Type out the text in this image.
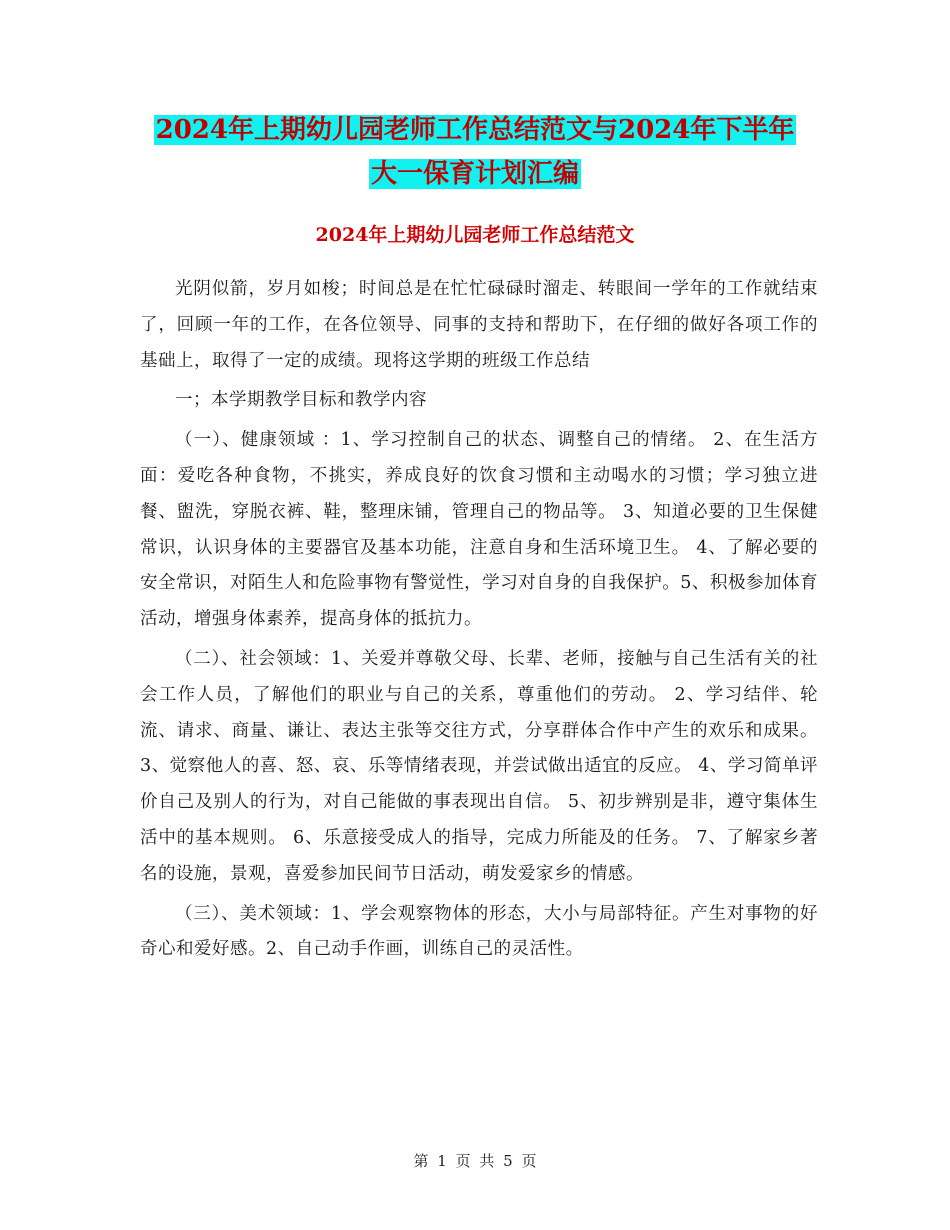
2024年上期幼儿园老师工作总结范文与2024年下半年
大一保育计划汇编
2024年上期幼儿园老师工作总结范文

光阴似箭，岁月如梭；时间总是在忙忙碌碌时溜走、转眼间一学年的工作就结束了，回顾一年的工作，在各位领导、同事的支持和帮助下，在仔细的做好各项工作的基础上，取得了一定的成绩。现将这学期的班级工作总结

一；本学期教学目标和教学内容

（一）、健康领域 ：1、学习控制自己的状态、调整自己的情绪。 2、在生活方面：爱吃各种食物，不挑实，养成良好的饮食习惯和主动喝水的习惯；学习独立进餐、盥洗，穿脱衣裤、鞋，整理床铺，管理自己的物品等。 3、知道必要的卫生保健常识，认识身体的主要器官及基本功能，注意自身和生活环境卫生。 4、了解必要的安全常识，对陌生人和危险事物有警觉性，学习对自身的自我保护。5、积极参加体育活动，增强身体素养，提高身体的抵抗力。

（二）、社会领域：1、关爱并尊敬父母、长辈、老师，接触与自己生活有关的社会工作人员，了解他们的职业与自己的关系，尊重他们的劳动。 2、学习结伴、轮流、请求、商量、谦让、表达主张等交往方式，分享群体合作中产生的欢乐和成果。 3、觉察他人的喜、怒、哀、乐等情绪表现，并尝试做出适宜的反应。 4、学习简单评价自己及别人的行为，对自己能做的事表现出自信。 5、初步辨别是非，遵守集体生活中的基本规则。 6、乐意接受成人的指导，完成力所能及的任务。 7、了解家乡著名的设施，景观，喜爱参加民间节日活动，萌发爱家乡的情感。

（三）、美术领域：1、学会观察物体的形态，大小与局部特征。产生对事物的好奇心和爱好感。2、自己动手作画，训练自己的灵活性。

第 1 页 共 5 页
